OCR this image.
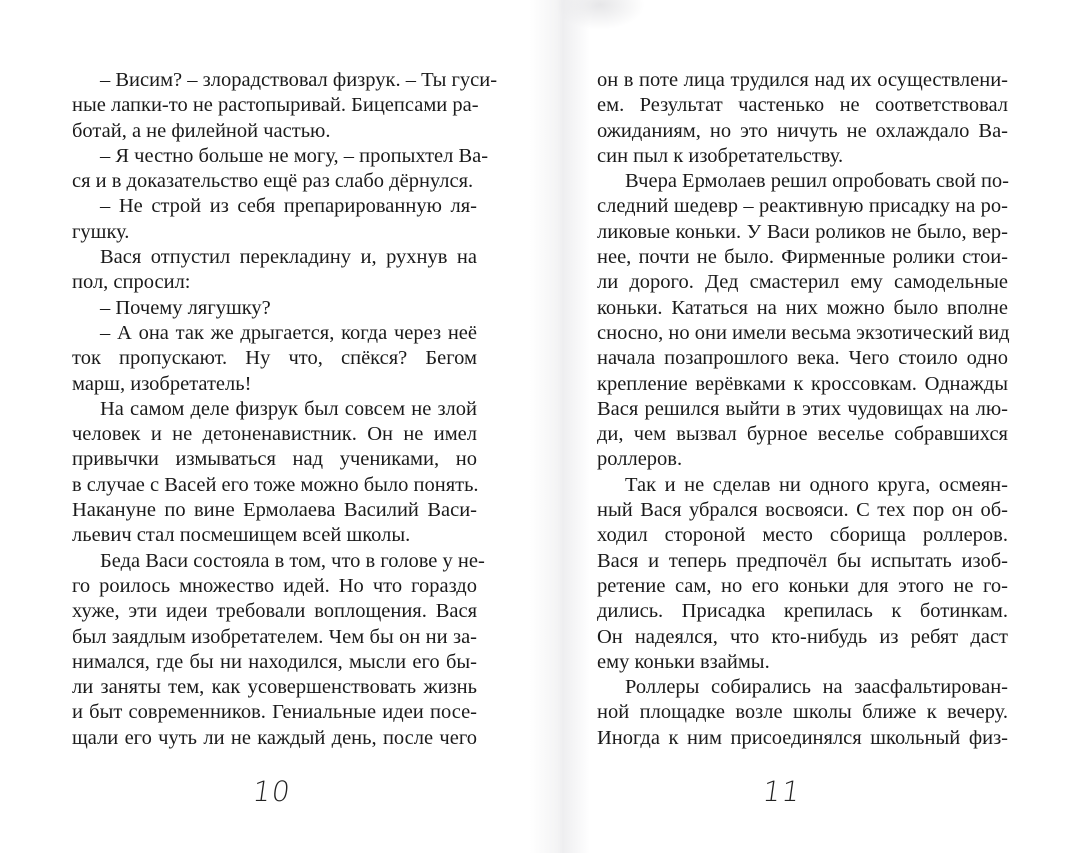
– Висим? – злорадствовал физрук. – Ты гуси-
ные лапки-то не растопыривай. Бицепсами ра-
ботай, а не филейной частью.
– Я честно больше не могу, – пропыхтел Ва-
ся и в доказательство ещё раз слабо дёрнулся.
– Не строй из себя препарированную ля-
гушку.
Вася отпустил перекладину и, рухнув на
пол, спросил:
– Почему лягушку?
– А она так же дрыгается, когда через неё
ток пропускают. Ну что, спёкся? Бегом
марш, изобретатель!
На самом деле физрук был совсем не злой
человек и не детоненавистник. Он не имел
привычки измываться над учениками, но
в случае с Васей его тоже можно было понять.
Накануне по вине Ермолаева Василий Васи-
льевич стал посмешищем всей школы.
Беда Васи состояла в том, что в голове у не-
го роилось множество идей. Но что гораздо
хуже, эти идеи требовали воплощения. Вася
был заядлым изобретателем. Чем бы он ни за-
нимался, где бы ни находился, мысли его бы-
ли заняты тем, как усовершенствовать жизнь
и быт современников. Гениальные идеи посе-
щали его чуть ли не каждый день, после чего
он в поте лица трудился над их осуществлени-
ем. Результат частенько не соответствовал
ожиданиям, но это ничуть не охлаждало Ва-
син пыл к изобретательству.
Вчера Ермолаев решил опробовать свой по-
следний шедевр – реактивную присадку на ро-
ликовые коньки. У Васи роликов не было, вер-
нее, почти не было. Фирменные ролики стои-
ли дорого. Дед смастерил ему самодельные
коньки. Кататься на них можно было вполне
сносно, но они имели весьма экзотический вид
начала позапрошлого века. Чего стоило одно
крепление верёвками к кроссовкам. Однажды
Вася решился выйти в этих чудовищах на лю-
ди, чем вызвал бурное веселье собравшихся
роллеров.
Так и не сделав ни одного круга, осмеян-
ный Вася убрался восвояси. С тех пор он об-
ходил стороной место сборища роллеров.
Вася и теперь предпочёл бы испытать изоб-
ретение сам, но его коньки для этого не го-
дились. Присадка крепилась к ботинкам.
Он надеялся, что кто-нибудь из ребят даст
ему коньки взаймы.
Роллеры собирались на заасфальтирован-
ной площадке возле школы ближе к вечеру.
Иногда к ним присоединялся школьный физ-
10	11
